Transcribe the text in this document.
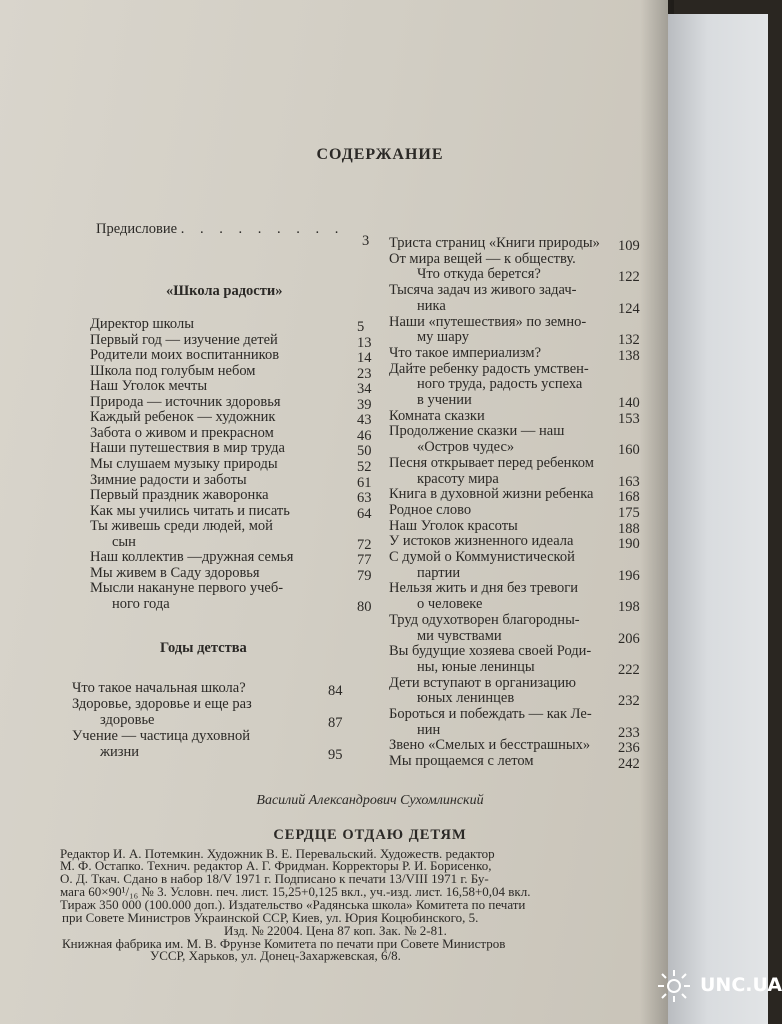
СОДЕРЖАНИЕ
Предисловие . . . . . . . . .
3
«Школа радости»
Директор школы	5
Первый год — изучение детей	13
Родители моих воспитанников	14
Школа под голубым небом	23
Наш Уголок мечты	34
Природа — источник здоровья	39
Каждый ребенок — художник	43
Забота о живом и прекрасном	46
Наши путешествия в мир труда	50
Мы слушаем музыку природы	52
Зимние радости и заботы	61
Первый праздник жаворонка	63
Как мы учились читать и писать	64
Ты живешь среди людей, мой
сын	72
Наш коллектив —дружная семья	77
Мы живем в Саду здоровья	79
Мысли накануне первого учеб-
ного года	80
Годы детства
Что такое начальная школа?	84
Здоровье, здоровье и еще раз
здоровье	87
Учение — частица духовной
жизни	95
Триста страниц «Книги природы» 109
От мира вещей — к обществу.
Что откуда берется?	122
Тысяча задач из живого задач-
ника	124
Наши «путешествия» по земно-
му шару	132
Что такое империализм?	138
Дайте ребенку радость умствен-
ного труда, радость успеха
в учении	140
Комната сказки	153
Продолжение сказки — наш
«Остров чудес»	160
Песня открывает перед ребенком
красоту мира	163
Книга в духовной жизни ребенка 168
Родное слово	175
Наш Уголок красоты	188
У истоков жизненного идеала	190
С думой о Коммунистической
партии	196
Нельзя жить и дня без тревоги
о человеке	198
Труд одухотворен благородны-
ми чувствами	206
Вы будущие хозяева своей Роди-
ны, юные ленинцы	222
Дети вступают в организацию
юных ленинцев	232
Бороться и побеждать — как Ле-
нин	233
Звено «Смелых и бесстрашных» 236
Мы прощаемся с летом	242
Василий Александрович Сухомлинский
СЕРДЦЕ ОТДАЮ ДЕТЯМ
Редактор И. А. Потемкин. Художник В. Е. Перевальский. Художеств. редактор
М. Ф. Остапко. Технич. редактор А. Г. Фридман. Корректоры Р. И. Борисенко,
О. Д. Ткач. Сдано в набор 18/V 1971 г. Подписано к печати 13/VIII 1971 г. Бу-
мага 60×90¹/₁₆ № 3. Условн. печ. лист. 15,25+0,125 вкл., уч.-изд. лист. 16,58+0,04 вкл.
Тираж 350 000 (100.000 доп.). Издательство «Радянська школа» Комитета по печати
при Совете Министров Украинской ССР, Киев, ул. Юрия Коцюбинского, 5.
Изд. № 22004. Цена 87 коп. Зак. № 2-81.
Книжная фабрика им. М. В. Фрунзе Комитета по печати при Совете Министров
УССР, Харьков, ул. Донец-Захаржевская, 6/8.
UNC.UA
